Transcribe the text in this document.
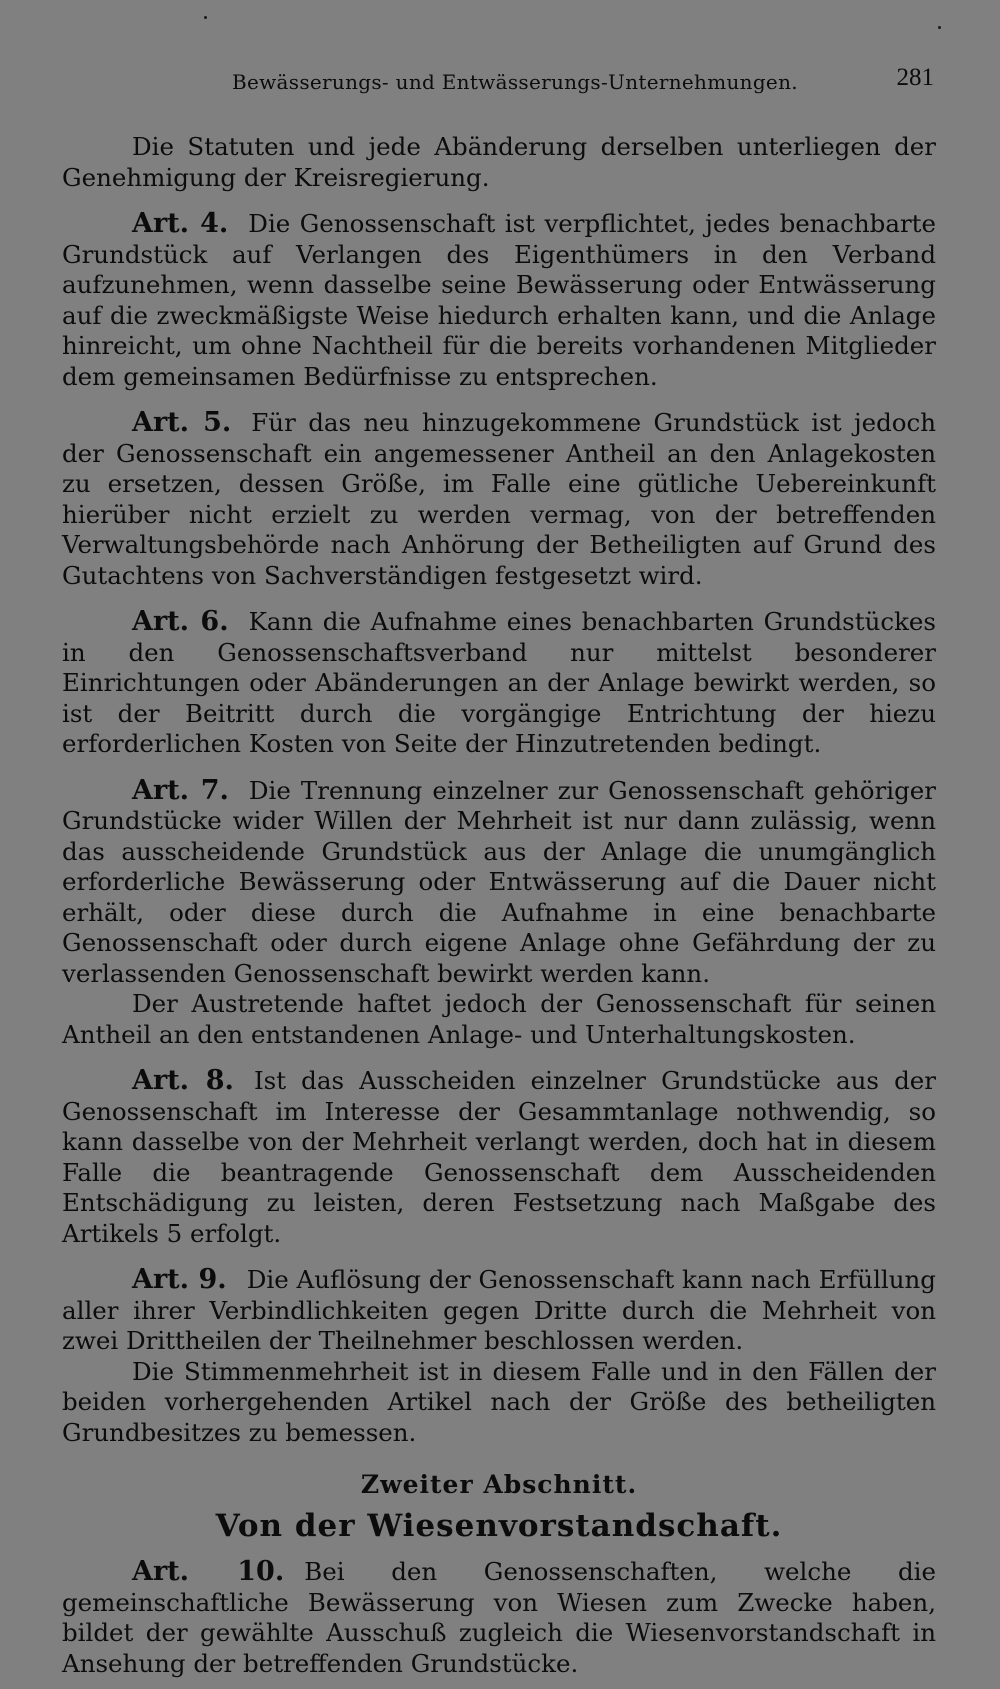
Bewässerungs- und Entwässerungs-Unternehmungen.	281

Die Statuten und jede Abänderung derselben unterliegen der Genehmigung der Kreisregierung.

Art. 4. Die Genossenschaft ist verpflichtet, jedes benachbarte Grundstück auf Verlangen des Eigenthümers in den Verband aufzunehmen, wenn dasselbe seine Bewässerung oder Entwässerung auf die zweckmäßigste Weise hiedurch erhalten kann, und die Anlage hinreicht, um ohne Nachtheil für die bereits vorhandenen Mitglieder dem gemeinsamen Bedürfnisse zu entsprechen.

Art. 5. Für das neu hinzugekommene Grundstück ist jedoch der Genossenschaft ein angemessener Antheil an den Anlagekosten zu ersetzen, dessen Größe, im Falle eine gütliche Uebereinkunft hierüber nicht erzielt zu werden vermag, von der betreffenden Verwaltungsbehörde nach Anhörung der Betheiligten auf Grund des Gutachtens von Sachverständigen festgesetzt wird.

Art. 6. Kann die Aufnahme eines benachbarten Grundstückes in den Genossenschaftsverband nur mittelst besonderer Einrichtungen oder Abänderungen an der Anlage bewirkt werden, so ist der Beitritt durch die vorgängige Entrichtung der hiezu erforderlichen Kosten von Seite der Hinzutretenden bedingt.

Art. 7. Die Trennung einzelner zur Genossenschaft gehöriger Grundstücke wider Willen der Mehrheit ist nur dann zulässig, wenn das ausscheidende Grundstück aus der Anlage die unumgänglich erforderliche Bewässerung oder Entwässerung auf die Dauer nicht erhält, oder diese durch die Aufnahme in eine benachbarte Genossenschaft oder durch eigene Anlage ohne Gefährdung der zu verlassenden Genossenschaft bewirkt werden kann.

Der Austretende haftet jedoch der Genossenschaft für seinen Antheil an den entstandenen Anlage- und Unterhaltungskosten.

Art. 8. Ist das Ausscheiden einzelner Grundstücke aus der Genossenschaft im Interesse der Gesammtanlage nothwendig, so kann dasselbe von der Mehrheit verlangt werden, doch hat in diesem Falle die beantragende Genossenschaft dem Ausscheidenden Entschädigung zu leisten, deren Festsetzung nach Maßgabe des Artikels 5 erfolgt.

Art. 9. Die Auflösung der Genossenschaft kann nach Erfüllung aller ihrer Verbindlichkeiten gegen Dritte durch die Mehrheit von zwei Drittheilen der Theilnehmer beschlossen werden.

Die Stimmenmehrheit ist in diesem Falle und in den Fällen der beiden vorhergehenden Artikel nach der Größe des betheiligten Grundbesitzes zu bemessen.

Zweiter Abschnitt.
Von der Wiesenvorstandschaft.

Art. 10. Bei den Genossenschaften, welche die gemeinschaftliche Bewässerung von Wiesen zum Zwecke haben, bildet der gewählte Ausschuß zugleich die Wiesenvorstandschaft in Ansehung der betreffenden Grundstücke.
